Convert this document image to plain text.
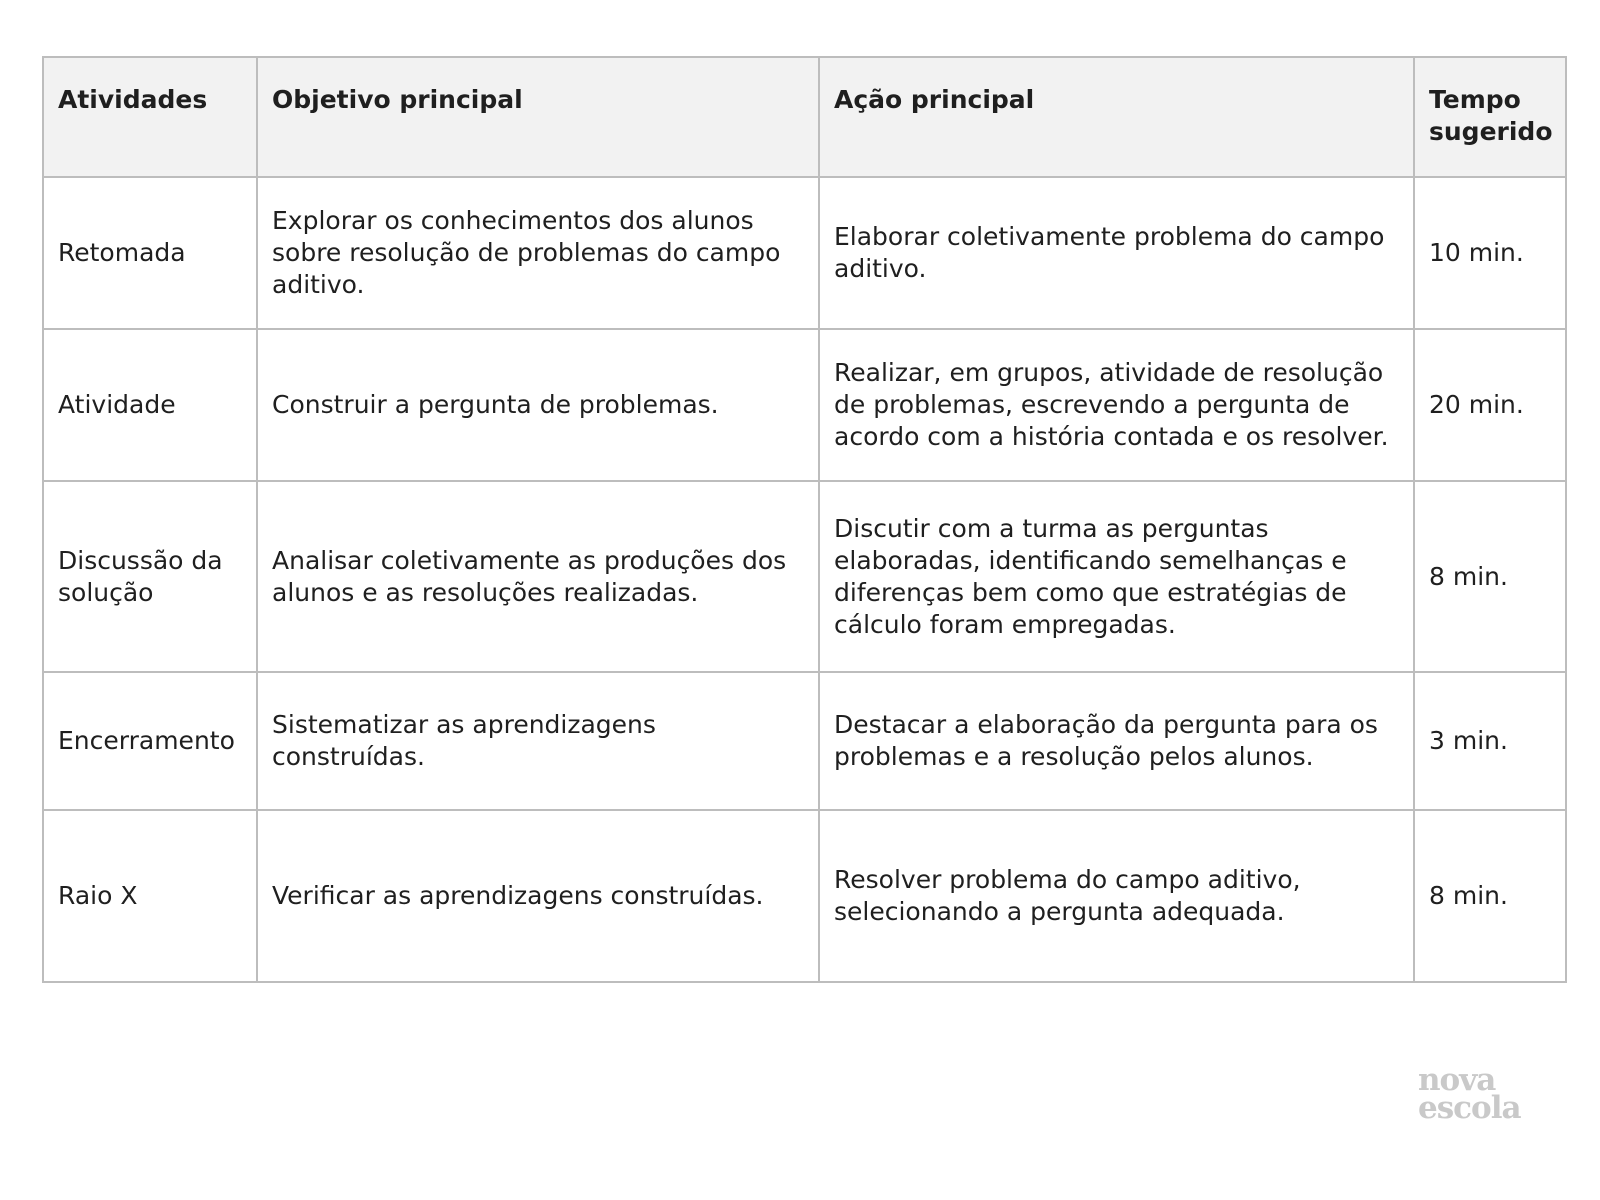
Atividades	Objetivo principal	Ação principal	Tempo sugerido
Retomada	Explorar os conhecimentos dos alunos sobre resolução de problemas do campo aditivo.	Elaborar coletivamente problema do campo aditivo.	10 min.
Atividade	Construir a pergunta de problemas.	Realizar, em grupos, atividade de resolução de problemas, escrevendo a pergunta de acordo com a história contada e os resolver.	20 min.
Discussão da solução	Analisar coletivamente as produções dos alunos e as resoluções realizadas.	Discutir com a turma as perguntas elaboradas, identificando semelhanças e diferenças bem como que estratégias de cálculo foram empregadas.	8 min.
Encerramento	Sistematizar as aprendizagens construídas.	Destacar a elaboração da pergunta para os problemas e a resolução pelos alunos.	3 min.
Raio X	Verificar as aprendizagens construídas.	Resolver problema do campo aditivo, selecionando a pergunta adequada.	8 min.
nova
escola
